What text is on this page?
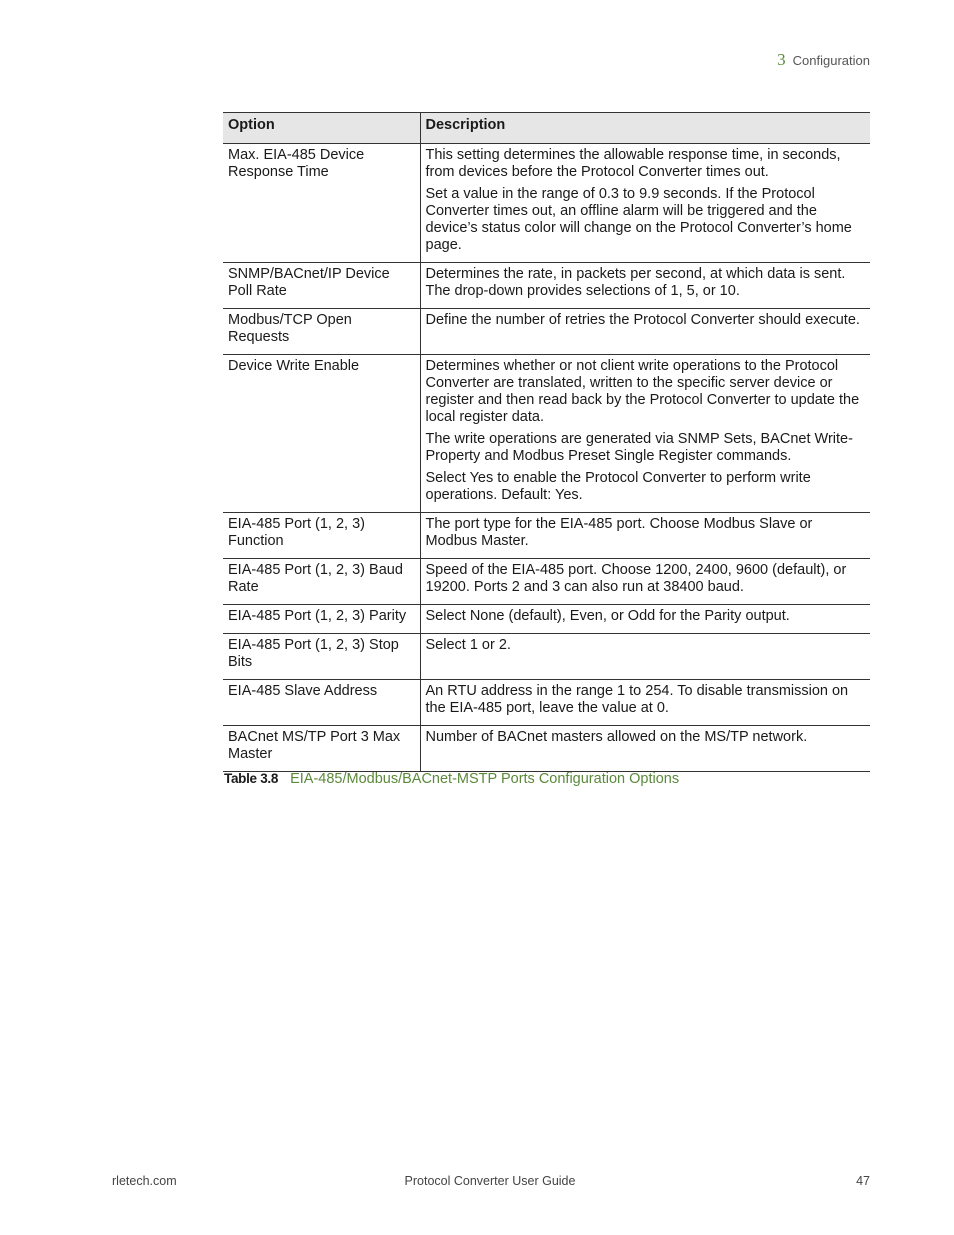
3 Configuration
Option	Description
Max. EIA-485 Device Response Time	This setting determines the allowable response time, in seconds, from devices before the Protocol Converter times out.

Set a value in the range of 0.3 to 9.9 seconds. If the Protocol Converter times out, an offline alarm will be triggered and the device’s status color will change on the Protocol Converter’s home page.

SNMP/BACnet/IP Device Poll Rate	Determines the rate, in packets per second, at which data is sent. The drop-down provides selections of 1, 5, or 10.

Modbus/TCP Open Requests	Define the number of retries the Protocol Converter should execute.

Device Write Enable	Determines whether or not client write operations to the Protocol Converter are translated, written to the specific server device or register and then read back by the Protocol Converter to update the local register data.

The write operations are generated via SNMP Sets, BACnet Write-Property and Modbus Preset Single Register commands.

Select Yes to enable the Protocol Converter to perform write operations. Default: Yes.

EIA-485 Port (1, 2, 3) Function	The port type for the EIA-485 port. Choose Modbus Slave or Modbus Master.

EIA-485 Port (1, 2, 3) Baud Rate	Speed of the EIA-485 port. Choose 1200, 2400, 9600 (default), or 19200. Ports 2 and 3 can also run at 38400 baud.

EIA-485 Port (1, 2, 3) Parity	Select None (default), Even, or Odd for the Parity output.

EIA-485 Port (1, 2, 3) Stop Bits	Select 1 or 2.

EIA-485 Slave Address	An RTU address in the range 1 to 254. To disable transmission on the EIA-485 port, leave the value at 0.

BACnet MS/TP Port 3 Max Master	Number of BACnet masters allowed on the MS/TP network.

Table 3.8 EIA-485/Modbus/BACnet-MSTP Ports Configuration Options
rletech.com	Protocol Converter User Guide	47
